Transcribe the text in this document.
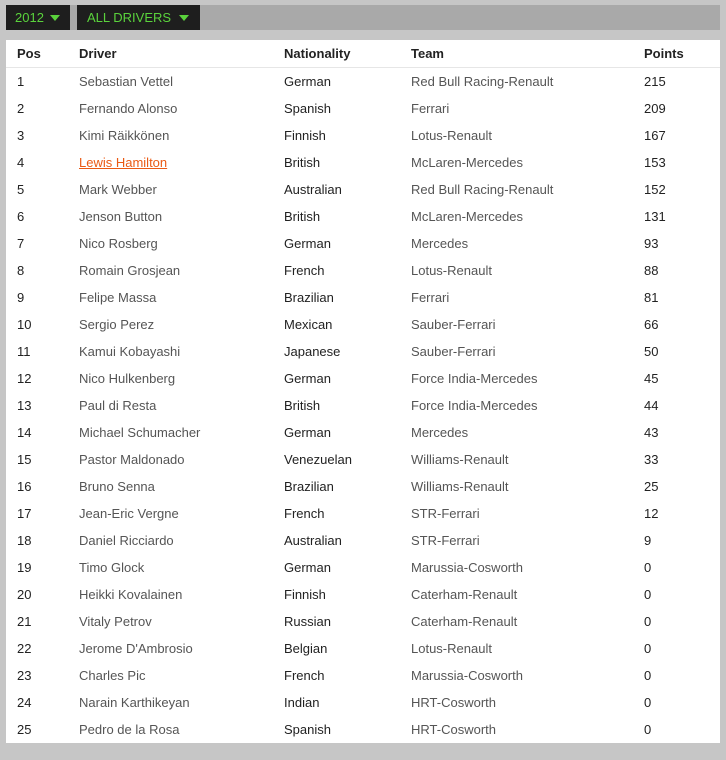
2012	ALL DRIVERS
Pos	Driver	Nationality	Team	Points
1	Sebastian Vettel	German	Red Bull Racing-Renault	215
2	Fernando Alonso	Spanish	Ferrari	209
3	Kimi Räikkönen	Finnish	Lotus-Renault	167
4	Lewis Hamilton	British	McLaren-Mercedes	153
5	Mark Webber	Australian	Red Bull Racing-Renault	152
6	Jenson Button	British	McLaren-Mercedes	131
7	Nico Rosberg	German	Mercedes	93
8	Romain Grosjean	French	Lotus-Renault	88
9	Felipe Massa	Brazilian	Ferrari	81
10	Sergio Perez	Mexican	Sauber-Ferrari	66
11	Kamui Kobayashi	Japanese	Sauber-Ferrari	50
12	Nico Hulkenberg	German	Force India-Mercedes	45
13	Paul di Resta	British	Force India-Mercedes	44
14	Michael Schumacher	German	Mercedes	43
15	Pastor Maldonado	Venezuelan	Williams-Renault	33
16	Bruno Senna	Brazilian	Williams-Renault	25
17	Jean-Eric Vergne	French	STR-Ferrari	12
18	Daniel Ricciardo	Australian	STR-Ferrari	9
19	Timo Glock	German	Marussia-Cosworth	0
20	Heikki Kovalainen	Finnish	Caterham-Renault	0
21	Vitaly Petrov	Russian	Caterham-Renault	0
22	Jerome D'Ambrosio	Belgian	Lotus-Renault	0
23	Charles Pic	French	Marussia-Cosworth	0
24	Narain Karthikeyan	Indian	HRT-Cosworth	0
25	Pedro de la Rosa	Spanish	HRT-Cosworth	0
